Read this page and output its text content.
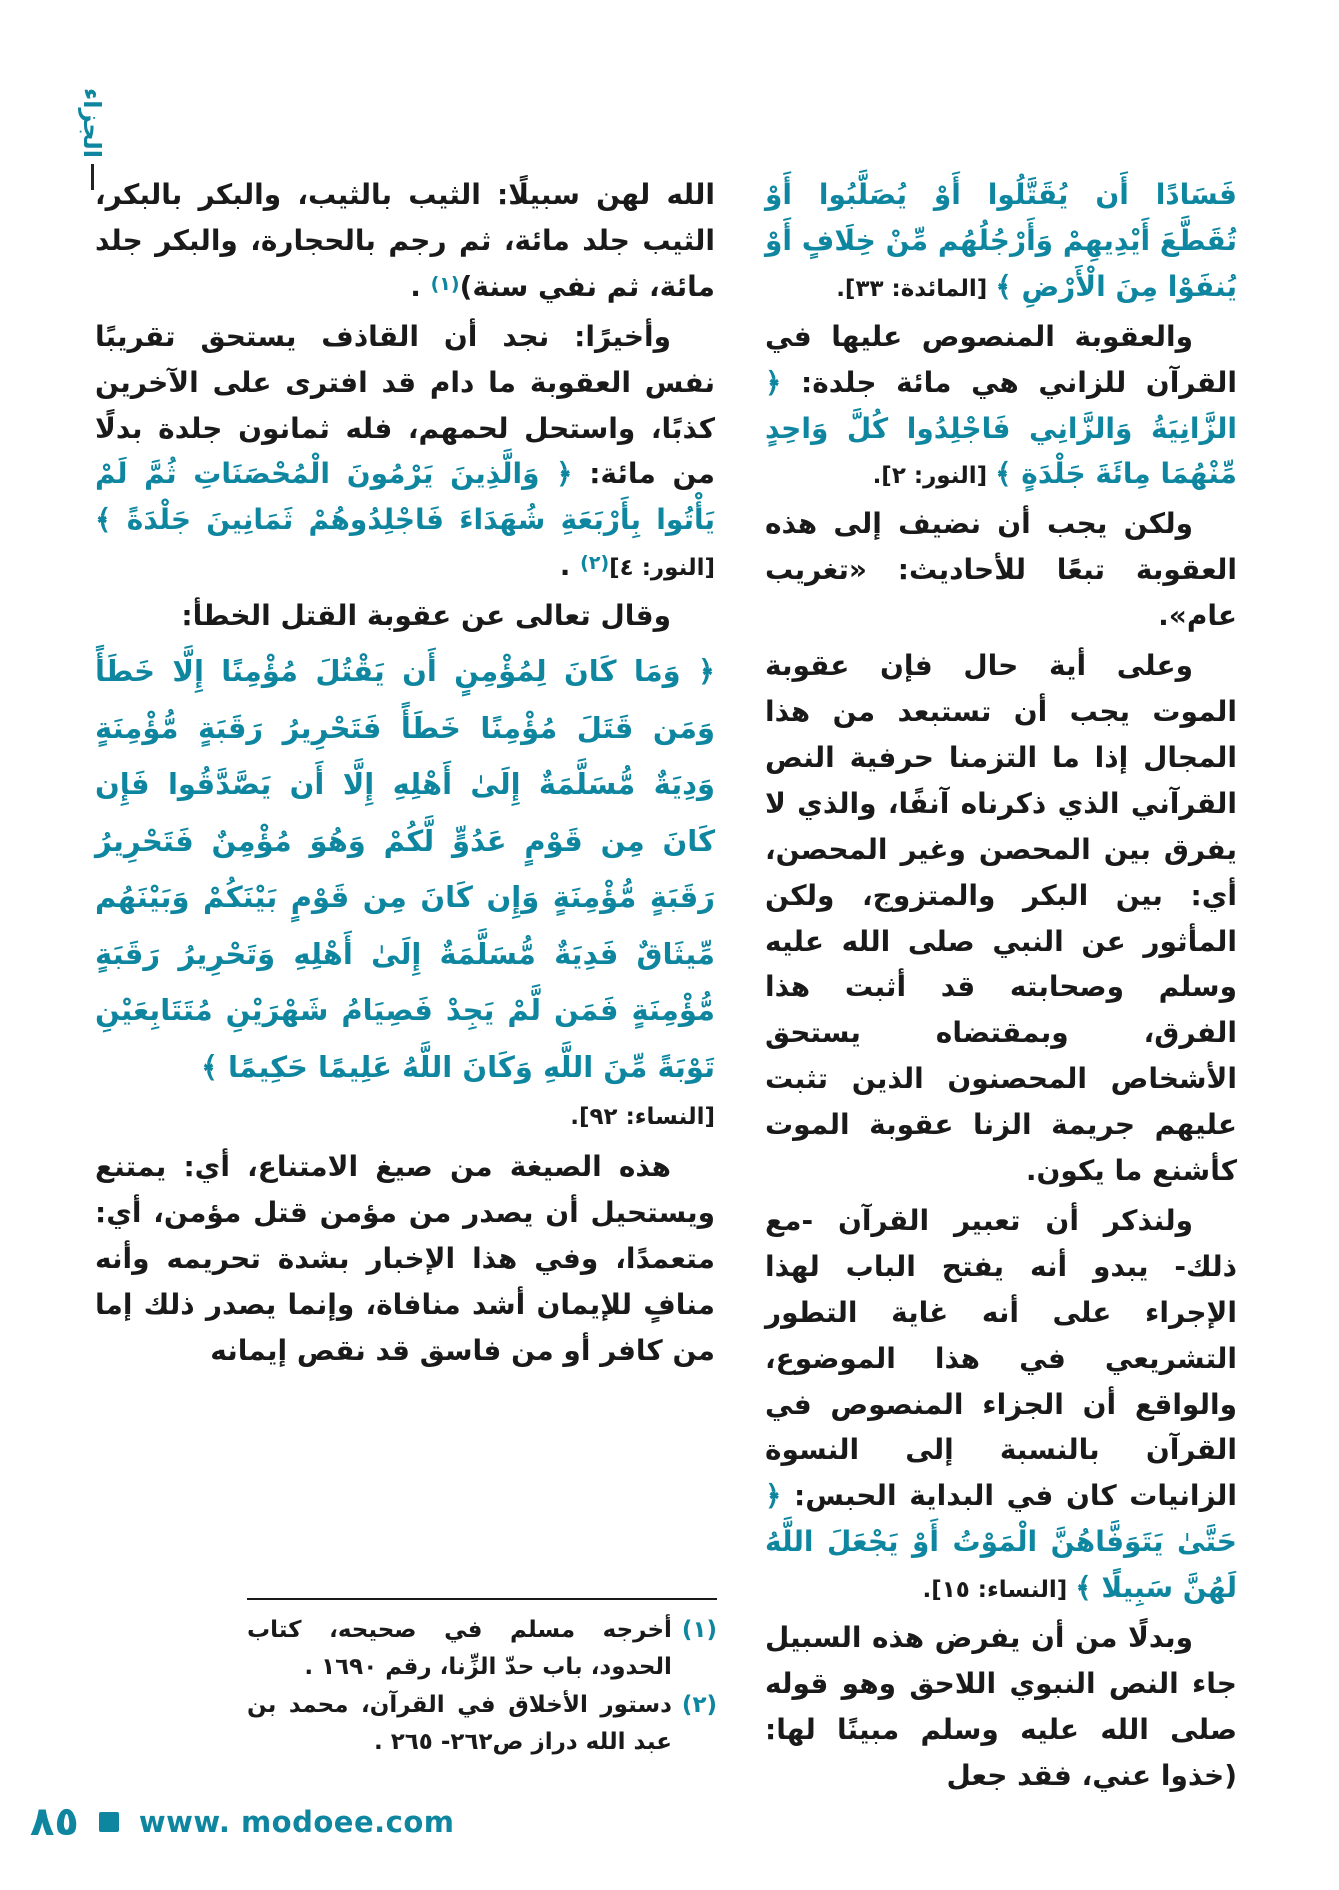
الجزاء

فَسَادًا أَن يُقَتَّلُوا أَوْ يُصَلَّبُوا أَوْ تُقَطَّعَ أَيْدِيهِمْ وَأَرْجُلُهُم مِّنْ خِلَافٍ أَوْ يُنفَوْا مِنَ الْأَرْضِ ﴾ [المائدة: ٣٣].

والعقوبة المنصوص عليها في القرآن للزاني هي مائة جلدة: ﴿ الزَّانِيَةُ وَالزَّانِي فَاجْلِدُوا كُلَّ وَاحِدٍ مِّنْهُمَا مِائَةَ جَلْدَةٍ ﴾ [النور: ٢].

ولكن يجب أن نضيف إلى هذه العقوبة تبعًا للأحاديث: «تغريب عام».

وعلى أية حال فإن عقوبة الموت يجب أن تستبعد من هذا المجال إذا ما التزمنا حرفية النص القرآني الذي ذكرناه آنفًا، والذي لا يفرق بين المحصن وغير المحصن، أي: بين البكر والمتزوج، ولكن المأثور عن النبي صلى الله عليه وسلم وصحابته قد أثبت هذا الفرق، وبمقتضاه يستحق الأشخاص المحصنون الذين تثبت عليهم جريمة الزنا عقوبة الموت كأشنع ما يكون.

ولنذكر أن تعبير القرآن -مع ذلك- يبدو أنه يفتح الباب لهذا الإجراء على أنه غاية التطور التشريعي في هذا الموضوع، والواقع أن الجزاء المنصوص في القرآن بالنسبة إلى النسوة الزانيات كان في البداية الحبس: ﴿ حَتَّىٰ يَتَوَفَّاهُنَّ الْمَوْتُ أَوْ يَجْعَلَ اللَّهُ لَهُنَّ سَبِيلًا ﴾ [النساء: ١٥].

وبدلًا من أن يفرض هذه السبيل جاء النص النبوي اللاحق وهو قوله صلى الله عليه وسلم مبينًا لها: (خذوا عني، فقد جعل

الله لهن سبيلًا: الثيب بالثيب، والبكر بالبكر، الثيب جلد مائة، ثم رجم بالحجارة، والبكر جلد مائة، ثم نفي سنة)$^{(١)}$ .

وأخيرًا: نجد أن القاذف يستحق تقريبًا نفس العقوبة ما دام قد افترى على الآخرين كذبًا، واستحل لحمهم، فله ثمانون جلدة بدلًا من مائة: ﴿ وَالَّذِينَ يَرْمُونَ الْمُحْصَنَاتِ ثُمَّ لَمْ يَأْتُوا بِأَرْبَعَةِ شُهَدَاءَ فَاجْلِدُوهُمْ ثَمَانِينَ جَلْدَةً ﴾ [النور: ٤]$^{(٢)}$ .

وقال تعالى عن عقوبة القتل الخطأ:

﴿ وَمَا كَانَ لِمُؤْمِنٍ أَن يَقْتُلَ مُؤْمِنًا إِلَّا خَطَأً وَمَن قَتَلَ مُؤْمِنًا خَطَأً فَتَحْرِيرُ رَقَبَةٍ مُّؤْمِنَةٍ وَدِيَةٌ مُّسَلَّمَةٌ إِلَىٰ أَهْلِهِ إِلَّا أَن يَصَّدَّقُوا فَإِن كَانَ مِن قَوْمٍ عَدُوٍّ لَّكُمْ وَهُوَ مُؤْمِنٌ فَتَحْرِيرُ رَقَبَةٍ مُّؤْمِنَةٍ وَإِن كَانَ مِن قَوْمٍ بَيْنَكُمْ وَبَيْنَهُم مِّيثَاقٌ فَدِيَةٌ مُّسَلَّمَةٌ إِلَىٰ أَهْلِهِ وَتَحْرِيرُ رَقَبَةٍ مُّؤْمِنَةٍ فَمَن لَّمْ يَجِدْ فَصِيَامُ شَهْرَيْنِ مُتَتَابِعَيْنِ تَوْبَةً مِّنَ اللَّهِ وَكَانَ اللَّهُ عَلِيمًا حَكِيمًا ﴾
[النساء: ٩٢].

هذه الصيغة من صيغ الامتناع، أي: يمتنع ويستحيل أن يصدر من مؤمن قتل مؤمن، أي: متعمدًا، وفي هذا الإخبار بشدة تحريمه وأنه منافٍ للإيمان أشد منافاة، وإنما يصدر ذلك إما من كافر أو من فاسق قد نقص إيمانه

(١)
أخرجه مسلم في صحيحه، كتاب الحدود، باب حدّ الزِّنا، رقم ١٦٩٠ .
(٢)
دستور الأخلاق في القرآن، محمد بن عبد الله دراز ص٢٦٢- ٢٦٥ .
٨٥ www. modoee.com
